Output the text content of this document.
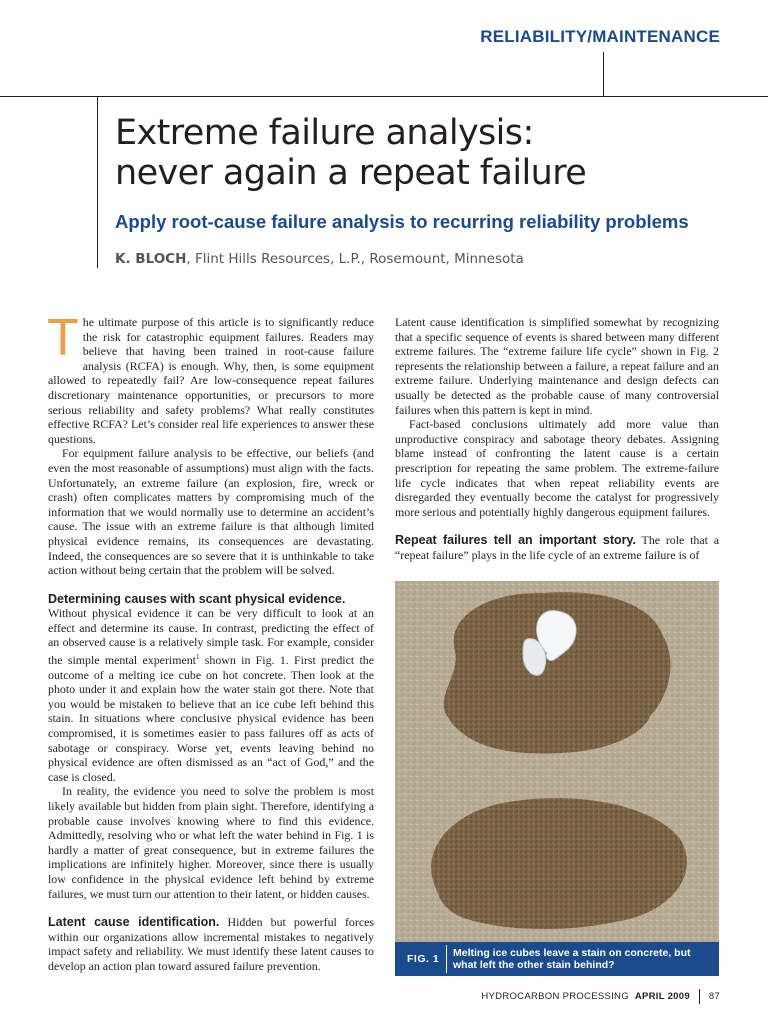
RELIABILITY/MAINTENANCE
Extreme failure analysis:
never again a repeat failure
Apply root-cause failure analysis to recurring reliability problems
K. BLOCH, Flint Hills Resources, L.P., Rosemount, Minnesota

The ultimate purpose of this article is to significantly reduce the risk for catastrophic equipment failures. Readers may believe that having been trained in root-cause failure analysis (RCFA) is enough. Why, then, is some equipment allowed to repeatedly fail? Are low-consequence repeat failures discretionary maintenance opportunities, or precursors to more serious reliability and safety problems? What really constitutes effective RCFA? Let’s consider real life experiences to answer these questions.

For equipment failure analysis to be effective, our beliefs (and even the most reasonable of assumptions) must align with the facts. Unfortunately, an extreme failure (an explosion, fire, wreck or crash) often complicates matters by compromising much of the information that we would normally use to determine an accident’s cause. The issue with an extreme failure is that although limited physical evidence remains, its consequences are devastating. Indeed, the consequences are so severe that it is unthinkable to take action without being certain that the problem will be solved.

Determining causes with scant physical evidence.
Without physical evidence it can be very difficult to look at an effect and determine its cause. In contrast, predicting the effect of an observed cause is a relatively simple task. For example, consider the simple mental experiment$^1$ shown in Fig. 1. First predict the outcome of a melting ice cube on hot concrete. Then look at the photo under it and explain how the water stain got there. Note that you would be mistaken to believe that an ice cube left behind this stain. In situations where conclusive physical evidence has been compromised, it is sometimes easier to pass failures off as acts of sabotage or conspiracy. Worse yet, events leaving behind no physical evidence are often dismissed as an “act of God,” and the case is closed.

In reality, the evidence you need to solve the problem is most likely available but hidden from plain sight. Therefore, identifying a probable cause involves knowing where to find this evidence. Admittedly, resolving who or what left the water behind in Fig. 1 is hardly a matter of great consequence, but in extreme failures the implications are infinitely higher. Moreover, since there is usually low confidence in the physical evidence left behind by extreme failures, we must turn our attention to their latent, or hidden causes.

Latent cause identification. Hidden but powerful forces within our organizations allow incremental mistakes to negatively impact safety and reliability. We must identify these latent causes to develop an action plan toward assured failure prevention.

Latent cause identification is simplified somewhat by recognizing that a specific sequence of events is shared between many different extreme failures. The “extreme failure life cycle” shown in Fig. 2 represents the relationship between a failure, a repeat failure and an extreme failure. Underlying maintenance and design defects can usually be detected as the probable cause of many controversial failures when this pattern is kept in mind.

Fact-based conclusions ultimately add more value than unproductive conspiracy and sabotage theory debates. Assigning blame instead of confronting the latent cause is a certain prescription for repeating the same problem. The extreme-failure life cycle indicates that when repeat reliability events are disregarded they eventually become the catalyst for progressively more serious and potentially highly dangerous equipment failures.

Repeat failures tell an important story. The role that a “repeat failure” plays in the life cycle of an extreme failure is of

FIG. 1 Melting ice cubes leave a stain on concrete, but what left the other stain behind?
HYDROCARBON PROCESSING APRIL 2009 87
